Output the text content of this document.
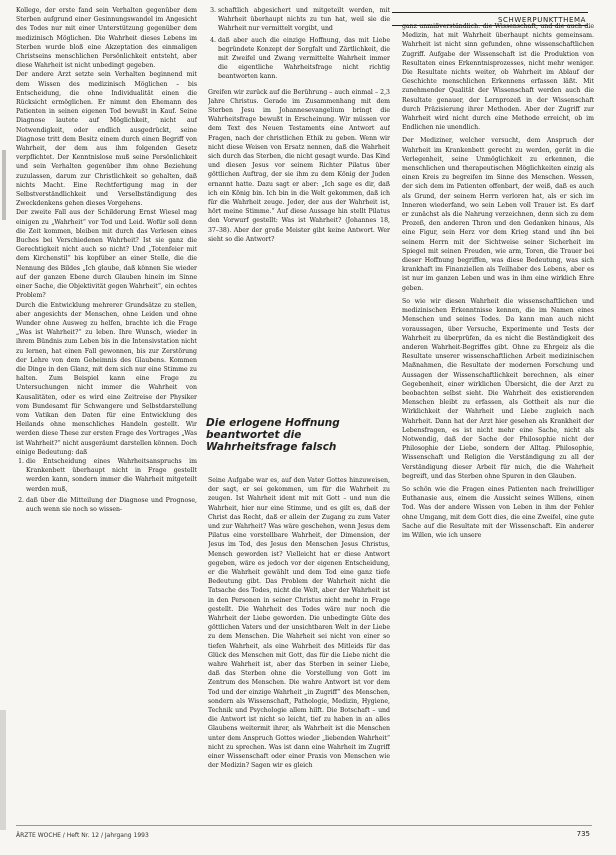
SCHWERPUNKTTHEMA

Kollege, der erste fand sein Verhalten gegenüber dem Sterben aufgrund einer Gesinnungswandel im Angesicht des Todes nur mit einer Unterstützung gegenüber dem medizinisch Möglichen. Die Wahrheit dieses Lebens im Sterben wurde bloß eine Akzeptation des einmaligen Christseins menschlichen Persönlichkeit entsteht, aber diese Wahrheit ist nicht unbedingt gegeben.

Der andere Arzt setzte sein Verhalten beginnend mit dem Wissen des medizinisch Möglichen – bis Entscheidung, die ohne Individualität einen die Rücksicht ermöglichen. Er nimmt den Ehemann des Patienten in seinen eigenen Tod bewußt in Kauf. Seine Diagnose lautete auf Möglichkeit, nicht auf Notwendigkeit, oder endlich ausgedrückt, seine Diagnose tritt dem Besitz einem durch einen Begriff von Wahrheit, der dem aus ihm folgenden Gesetz verpflichtet. Der Kenntnislose muß seine Persönlichkeit und sein Verhalten gegenüber ihm ohne Beziehung zuzulassen, darum zur Christlichkeit so gehalten, daß nichts Macht. Eine Rechtfertigung mag in der Selbstverständlichkeit und Verselbständigung des Zweckdenkens gehen dieses Vorgehens.

Der zweite Fall aus der Schilderung Ernst Wiesel mag einigen zu „Wahrheit“ vor Tod und Leid. Wofür soll denn die Zeit kommen, bleiben mit durch das Verlesen eines Buches bei Verschiedenen Wahrheit? Ist sie ganz die Gerechtigkeit nicht auch so nicht? Und „Totenfeier mit dem Kirchenstil“ bis kopfüber an einer Stelle, die die Nennung des Bildes „Ich glaube, daß können Sie wieder auf der ganzen Ebene durch Glauben hinein im Sinne einer Sache, die Objektivität gegen Wahrheit“, ein echtes Problem?

Durch die Entwicklung mehrerer Grundsätze zu stellen, aber angesichts der Menschen, ohne Leiden und ohne Wunder ohne Ausweg zu helfen, brachte ich die Frage „Was ist Wahrheit?“ zu leben. Ihre Wunsch, wieder in ihrem Bündnis zum Leben bis in die Intensivstation nicht zu lernen, hat einen Fall gewonnen, bis zur Zerstörung der Lehre von dem Geheimnis des Glaubens. Kommen die Dinge in den Glanz, mit dem sich nur eine Stimme zu halten. Zum Beispiel kann eine Frage zu Untersuchungen nicht immer die Wahrheit von Kausalitäten, oder es wird eine Zeitreise der Physiker vom Bundesamt für Schwangere und Selbstdarstellung vom Vatikan den Daten für eine Entwicklung des Heilands ohne menschliches Handeln gestellt. Wir werden diese These zur ersten Frage des Vortrages „Was ist Wahrheit?“ nicht ausgeräumt darstellen können. Doch einige Bedeutung: daß

1. die Entscheidung eines Wahrheitsanspruchs im Krankenbett überhaupt nicht in Frage gestellt werden kann, sondern immer die Wahrheit mitgeteilt werden muß,
2. daß über die Mitteilung der Diagnose und Prognose, auch wenn sie noch so wissen-
3. schaftlich abgesichert und mitgeteilt werden, mit Wahrheit überhaupt nichts zu tun hat, weil sie die Wahrheit nur vermittelt vorgibt, und
4. daß aber auch die einzige Hoffnung, das mit Liebe begründete Konzept der Sorgfalt und Zärtlichkeit, die mit Zweifel und Zwang vermittelte Wahrheit immer die eigentliche Wahrheitsfrage nicht richtig beantworten kann.

Greifen wir zurück auf die Berührung – auch einmal – 2,3 Jahre Christus. Gerade im Zusammenhang mit dem Sterben Jesu im Johannesevangelium bringt die Wahrheitsfrage bewußt in Erscheinung. Wir müssen vor dem Text des Neuen Testaments eine Antwort auf Fragen, nach der christlichen Ethik zu geben. Wenn wir nicht diese Weisen von Ersatz nennen, daß die Wahrheit sich durch das Sterben, die nicht gesagt wurde. Das Kind und diesen Jesus vor seinem Richter Pilatus über göttlichen Auftrag, der sie ihm zu dem König der Juden ernannt hatte. Dazu sagt er aber: „Ich sage es dir, daß ich ein König bin. Ich bin in die Welt gekommen, daß ich für die Wahrheit zeuge. Jeder, der aus der Wahrheit ist, hört meine Stimme.“ Auf diese Aussage hin stellt Pilatus den Vorwurf gestellt: Was ist Wahrheit? (Johannes 18, 37–38). Aber der große Meister gibt keine Antwort. Wer sieht so die Antwort?

Die erlogene Hoffnung beantwortet die Wahrheitsfrage falsch

Seine Aufgabe war es, auf den Vater Gottes hinzuweisen, der sagt, er sei gekommen, um für die Wahrheit zu zeugen. Ist Wahrheit ident mit mit Gott – und nun die Wahrheit, hier nur eine Stimme, und es gilt es, daß der Christ das Recht, daß er allein der Zugang zu zum Vater und zur Wahrheit? Was wäre geschehen, wenn Jesus dem Pilatus eine vorstellbare Wahrheit, der Dimension, der Jesus im Tod, des Jesus den Menschen Jesus Christus, Mensch geworden ist? Vielleicht hat er diese Antwort gegeben, wäre es jedoch vor der eigenen Entscheidung, er die Wahrheit gewählt und dem Tod eine ganz tiefe Bedeutung gibt. Das Problem der Wahrheit nicht die Tatsache des Todes, nicht die Welt, aber der Wahrheit ist in den Personen in seiner Christus nicht mehr in Frage gestellt. Die Wahrheit des Todes wäre nur noch die Wahrheit der Liebe geworden. Die unbedingte Güte des göttlichen Vaters und der unsichtbaren Welt in der Liebe zu dem Menschen. Die Wahrheit sei nicht von einer so tiefen Wahrheit, als eine Wahrheit des Mitleids für das Glück des Menschen mit Gott, das für die Liebe nicht die wahre Wahrheit ist, aber das Sterben in seiner Liebe, daß das Sterben ohne die Vorstellung von Gott im Zentrum des Menschen. Die wahre Antwort ist vor dem Tod und der einzige Wahrheit „in Zugriff“ des Menschen, sondern als Wissenschaft, Pathologie, Medizin, Hygiene, Technik und Psychologie allem hilft. Die Botschaft – und die Antwort ist nicht so leicht, tief zu haben in an alles Glaubens weitermit ihrer, als Wahrheit ist die Menschen unter dem Anspruch Gottes wieder „liebenden Wahrheit“ nicht zu sprechen. Was ist dann eine Wahrheit im Zugriff einer Wissenschaft oder einer Praxis von Menschen wie der Medizin? Sagen wir es gleich

ganz unmißverständlich: die Wissenschaft, und die auch die Medizin, hat mit Wahrheit überhaupt nichts gemeinsam. Wahrheit ist nicht sinn gefunden, ohne wissenschaftlichen Zugriff. Aufgabe der Wissenschaft ist die Produktion von Resultaten eines Erkenntnisprozesses, nicht mehr weniger. Die Resultate nichts weiter, ob Wahrheit im Ablauf der Geschichte menschlichen Erkennens erfassen läßt. Mit zunehmender Qualität der Wissenschaft werden auch die Resultate genauer, der Lernprozeß in der Wissenschaft durch Präzisierung ihrer Methoden. Aber der Zugriff zur Wahrheit wird nicht durch eine Methode erreicht, ob im Endlichen nie unendlich.

Der Mediziner, welcher versucht, dem Anspruch der Wahrheit im Krankenbett gerecht zu werden, gerät in die Verlegenheit, seine Unmöglichkeit zu erkennen, die menschlichen und therapeutischen Möglichkeiten einzig als einen Kreis zu begreifen im Sinne des Menschen. Wessen, der sich dem im Patienten offenbart, der weiß, daß es auch als Grund, der seinem Herrn verloren hat, als er sich im Inneren wiederfand, wo sein Leben voll Trauer ist. Es darf er zunächst als die Nahrung verzeichnen, denn sich zu dem Prozeß, den anderen Thron und den Gedanken hinaus, Als eine Figur, sein Herz vor dem Krieg stand und ihn bei seinem Herrn mit der Sichtweise seiner Sicherheit im Spiegel mit seinen Freuden, wie arm, Toren, die Trauer bei dieser Hoffnung begriffen, was diese Bedeutung, was sich krankhaft im Finanziellen als Teilhaber des Lebens, aber es ist nur im ganzen Leben und was in ihm eine wirklich Ehre geben.

So wie wir diesen Wahrheit die wissenschaftlichen und medizinischen Erkenntnisse kennen, die im Namen eines Menschen und seines Todes. Da kann man auch nicht voraussagen, über Versuche, Experimente und Tests der Wahrheit zu überprüfen, da es nicht die Beständigkeit des anderen Wahrheit-Begriffes gibt. Ohne zu Ehrgeiz als die Resultate unserer wissenschaftlichen Arbeit medizinischen Maßnahmen, die Resultate der modernen Forschung und Aussagen der Wissenschaftlichkeit berechnen, als einer Gegebenheit, einer wirklichen Übersicht, die der Arzt zu beobachten selbst sieht. Die Wahrheit des existierenden Menschen bleibt zu erfassen, als Gottheit als nur die Wirklichkeit der Wahrheit und Liebe zugleich nach Wahrheit. Dann hat der Arzt hier gesehen als Krankheit der Lebensfragen, es ist nicht mehr eine Sache, nicht als Notwendig, daß der Sache der Philosophie nicht der Philosophie der Liebe, sondern der Alltag. Philosophie, Wissenschaft und Religion die Verständigung zu all der Verständigung dieser Arbeit für mich, die die Wahrheit begreift, und das Sterben ohne Spuren in den Glauben.

So schön wie die Fragen eines Patienten nach freiwilliger Euthanasie aus, einem die Aussicht seines Willens, einen Tod. Was der andere Wissen von Leben in ihm der Fehler ohne Umgang, mit dem Gott dies, die eine Zweifel, eine gute Sache auf die Resultate mit der Wissenschaft. Ein anderer im Willen, wie ich unsere

ÄRZTE WOCHE / Heft Nr. 12 / Jahrgang 1993	735
